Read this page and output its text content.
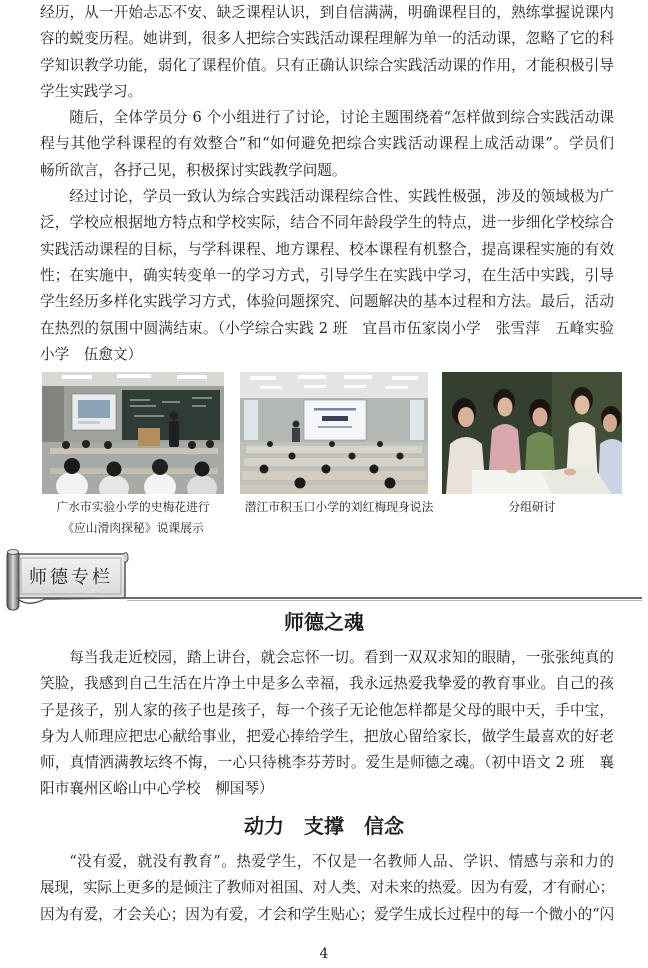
经历，从一开始忐忑不安、缺乏课程认识，到自信满满，明确课程目的，熟练掌握说课内
容的蜕变历程。她讲到，很多人把综合实践活动课程理解为单一的活动课，忽略了它的科
学知识教学功能，弱化了课程价值。只有正确认识综合实践活动课的作用，才能积极引导
学生实践学习。
随后，全体学员分 6 个小组进行了讨论，讨论主题围绕着“怎样做到综合实践活动课
程与其他学科课程的有效整合”和“如何避免把综合实践活动课程上成活动课”。学员们
畅所欲言，各抒己见，积极探讨实践教学问题。
经过讨论，学员一致认为综合实践活动课程综合性、实践性极强，涉及的领域极为广
泛，学校应根据地方特点和学校实际，结合不同年龄段学生的特点，进一步细化学校综合
实践活动课程的目标，与学科课程、地方课程、校本课程有机整合，提高课程实施的有效
性；在实施中，确实转变单一的学习方式，引导学生在实践中学习，在生活中实践，引导
学生经历多样化实践学习方式，体验问题探究、问题解决的基本过程和方法。最后，活动
在热烈的氛围中圆满结束。（小学综合实践 2 班　宜昌市伍家岗小学　张雪萍　五峰实验
小学　伍愈文）
广水市实验小学的史梅花进行
《应山滑肉探秘》说课展示
潜江市积玉口小学的刘红梅现身说法	分组研讨
师德专栏
师德之魂
每当我走近校园，踏上讲台，就会忘怀一切。看到一双双求知的眼睛，一张张纯真的
笑脸，我感到自己生活在片净土中是多么幸福，我永远热爱我挚爱的教育事业。自己的孩
子是孩子，别人家的孩子也是孩子，每一个孩子无论他怎样都是父母的眼中天，手中宝，
身为人师理应把忠心献给事业，把爱心捧给学生，把放心留给家长，做学生最喜欢的好老
师，真情洒满教坛终不悔，一心只待桃李芬芳时。爱生是师德之魂。（初中语文 2 班　襄
阳市襄州区峪山中心学校　柳国琴）
动力　支撑　信念
“没有爱，就没有教育”。热爱学生，不仅是一名教师人品、学识、情感与亲和力的
展现，实际上更多的是倾注了教师对祖国、对人类、对未来的热爱。因为有爱，才有耐心；
因为有爱，才会关心；因为有爱，才会和学生贴心；爱学生成长过程中的每一个微小的“闪
4
